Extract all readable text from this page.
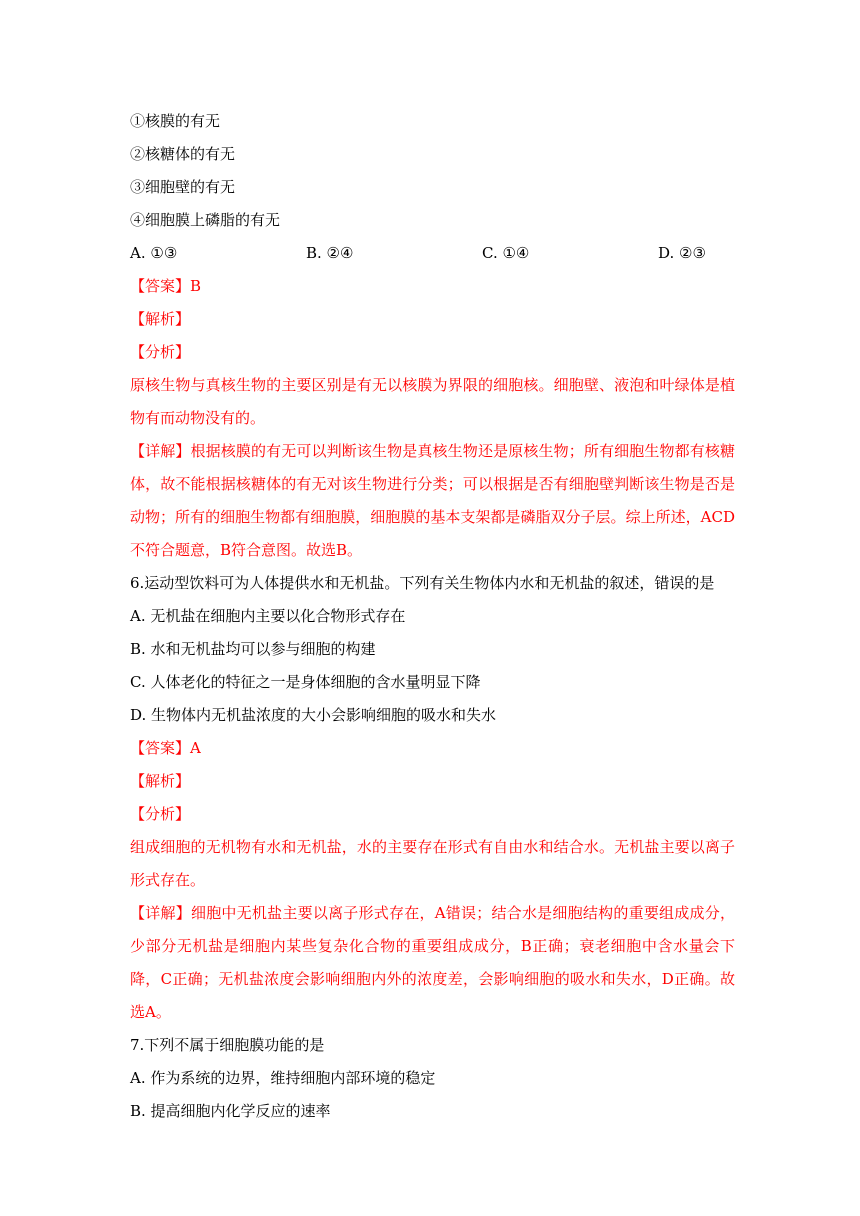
①核膜的有无
②核糖体的有无
③细胞壁的有无
④细胞膜上磷脂的有无
A. ①③	B. ②④	C. ①④	D. ②③
【答案】B
【解析】
【分析】
原核生物与真核生物的主要区别是有无以核膜为界限的细胞核。细胞壁、液泡和叶绿体是植物有而动物没有的。
【详解】根据核膜的有无可以判断该生物是真核生物还是原核生物；所有细胞生物都有核糖体，故不能根据核糖体的有无对该生物进行分类；可以根据是否有细胞壁判断该生物是否是动物；所有的细胞生物都有细胞膜，细胞膜的基本支架都是磷脂双分子层。综上所述，ACD不符合题意，B符合意图。故选B。
6.运动型饮料可为人体提供水和无机盐。下列有关生物体内水和无机盐的叙述，错误的是
A. 无机盐在细胞内主要以化合物形式存在
B. 水和无机盐均可以参与细胞的构建
C. 人体老化的特征之一是身体细胞的含水量明显下降
D. 生物体内无机盐浓度的大小会影响细胞的吸水和失水
【答案】A
【解析】
【分析】
组成细胞的无机物有水和无机盐，水的主要存在形式有自由水和结合水。无机盐主要以离子形式存在。
【详解】细胞中无机盐主要以离子形式存在，A错误；结合水是细胞结构的重要组成成分，少部分无机盐是细胞内某些复杂化合物的重要组成成分，B正确；衰老细胞中含水量会下降，C正确；无机盐浓度会影响细胞内外的浓度差，会影响细胞的吸水和失水，D正确。故选A。
7.下列不属于细胞膜功能的是
A. 作为系统的边界，维持细胞内部环境的稳定
B. 提高细胞内化学反应的速率
